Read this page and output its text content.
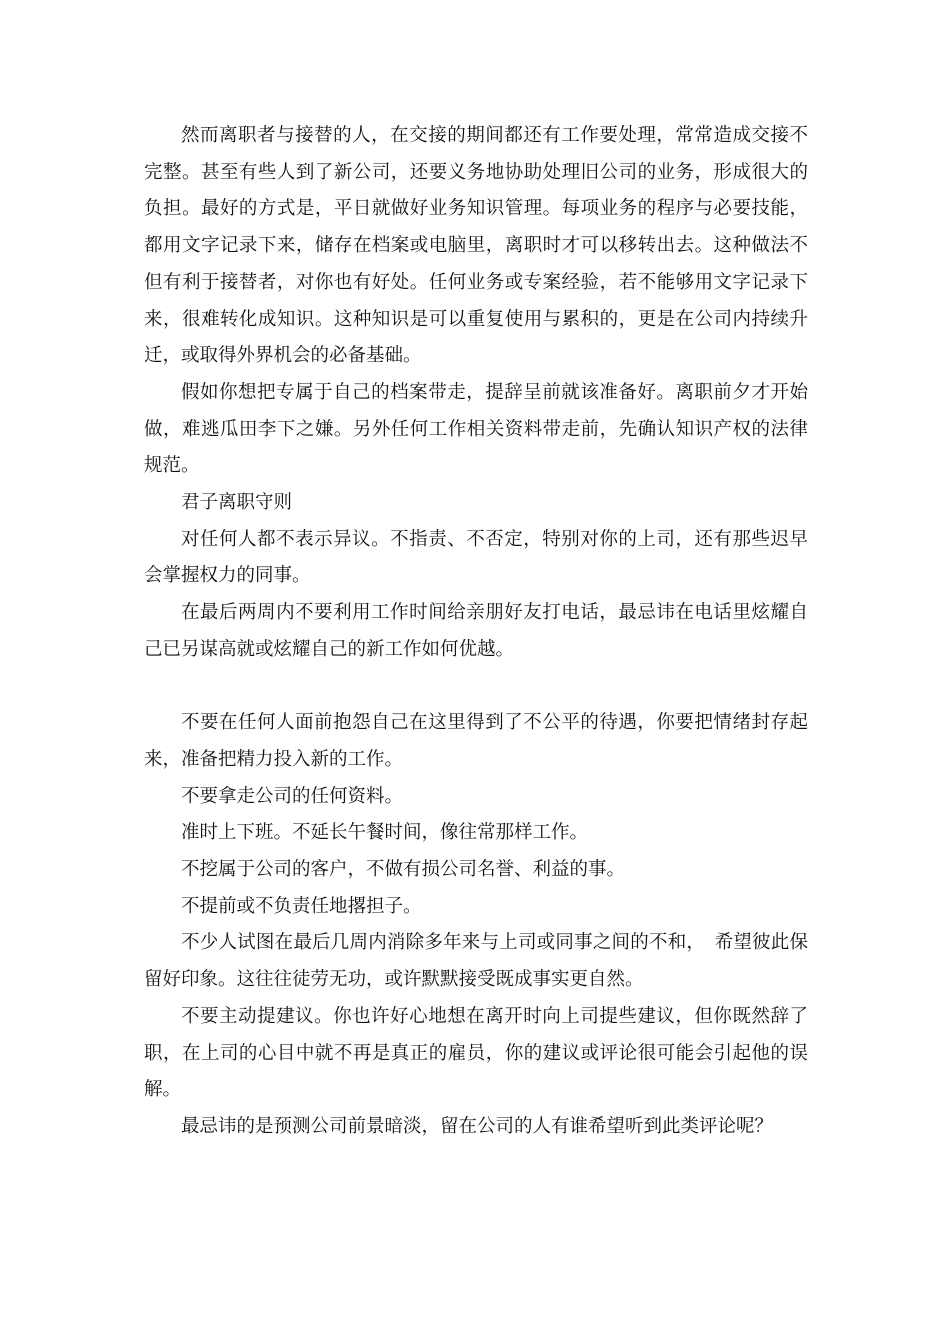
然而离职者与接替的人，在交接的期间都还有工作要处理，常常造成交接不完整。甚至有些人到了新公司，还要义务地协助处理旧公司的业务，形成很大的负担。最好的方式是，平日就做好业务知识管理。每项业务的程序与必要技能，都用文字记录下来，储存在档案或电脑里，离职时才可以移转出去。这种做法不但有利于接替者，对你也有好处。任何业务或专案经验，若不能够用文字记录下来，很难转化成知识。这种知识是可以重复使用与累积的，更是在公司内持续升迁，或取得外界机会的必备基础。

假如你想把专属于自己的档案带走，提辞呈前就该准备好。离职前夕才开始做，难逃瓜田李下之嫌。另外任何工作相关资料带走前，先确认知识产权的法律规范。

君子离职守则

对任何人都不表示异议。不指责、不否定，特别对你的上司，还有那些迟早会掌握权力的同事。

在最后两周内不要利用工作时间给亲朋好友打电话，最忌讳在电话里炫耀自己已另谋高就或炫耀自己的新工作如何优越。

不要在任何人面前抱怨自己在这里得到了不公平的待遇，你要把情绪封存起来，准备把精力投入新的工作。

不要拿走公司的任何资料。

准时上下班。不延长午餐时间，像往常那样工作。

不挖属于公司的客户，不做有损公司名誉、利益的事。

不提前或不负责任地撂担子。

不少人试图在最后几周内消除多年来与上司或同事之间的不和，　希望彼此保留好印象。这往往徒劳无功，或许默默接受既成事实更自然。

不要主动提建议。你也许好心地想在离开时向上司提些建议，但你既然辞了职，在上司的心目中就不再是真正的雇员，你的建议或评论很可能会引起他的误解。

最忌讳的是预测公司前景暗淡，留在公司的人有谁希望听到此类评论呢？
